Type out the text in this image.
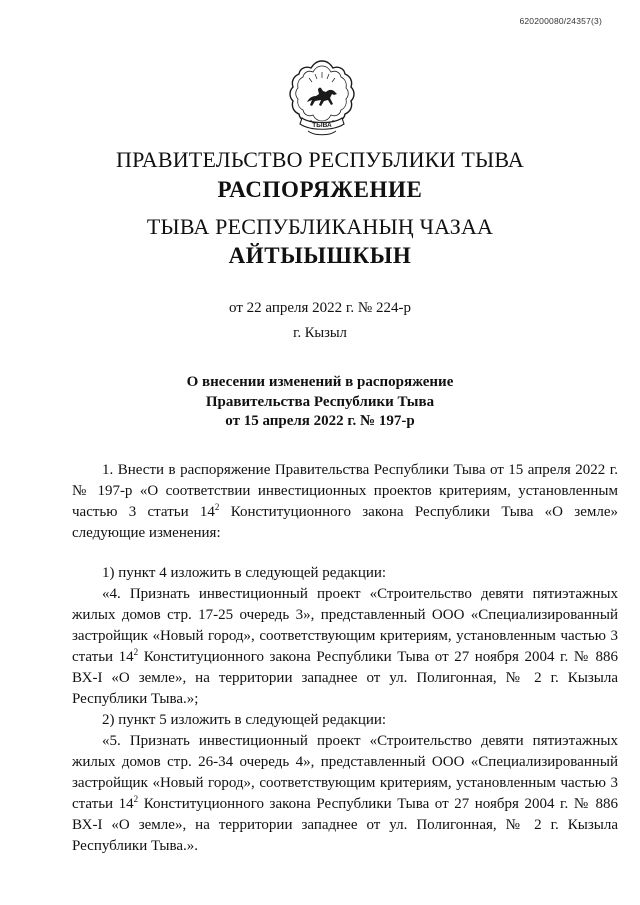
620200080/24357(3)
ТЫВА
ПРАВИТЕЛЬСТВО РЕСПУБЛИКИ ТЫВА
РАСПОРЯЖЕНИЕ
ТЫВА РЕСПУБЛИКАНЫҢ ЧАЗАА
АЙТЫЫШКЫН
от 22 апреля 2022 г. № 224-р
г. Кызыл
О внесении изменений в распоряжение
Правительства Республики Тыва
от 15 апреля 2022 г. № 197-р

1. Внести в распоряжение Правительства Республики Тыва от 15 апреля 2022 г. № 197-р «О соответствии инвестиционных проектов критериям, установленным частью 3 статьи $14^2$ Конституционного закона Республики Тыва «О земле» следующие изменения:

1) пункт 4 изложить в следующей редакции:

«4. Признать инвестиционный проект «Строительство девяти пятиэтажных жилых домов стр. 17-25 очередь 3», представленный ООО «Специализированный застройщик «Новый город», соответствующим критериям, установленным частью 3 статьи $14^2$ Конституционного закона Республики Тыва от 27 ноября 2004 г. № 886 ВХ-I «О земле», на территории западнее от ул. Полигонная, № 2 г. Кызыла Республики Тыва.»;

2) пункт 5 изложить в следующей редакции:

«5. Признать инвестиционный проект «Строительство девяти пятиэтажных жилых домов стр. 26-34 очередь 4», представленный ООО «Специализированный застройщик «Новый город», соответствующим критериям, установленным частью 3 статьи $14^2$ Конституционного закона Республики Тыва от 27 ноября 2004 г. № 886 ВХ-I «О земле», на территории западнее от ул. Полигонная, № 2 г. Кызыла Республики Тыва.».
